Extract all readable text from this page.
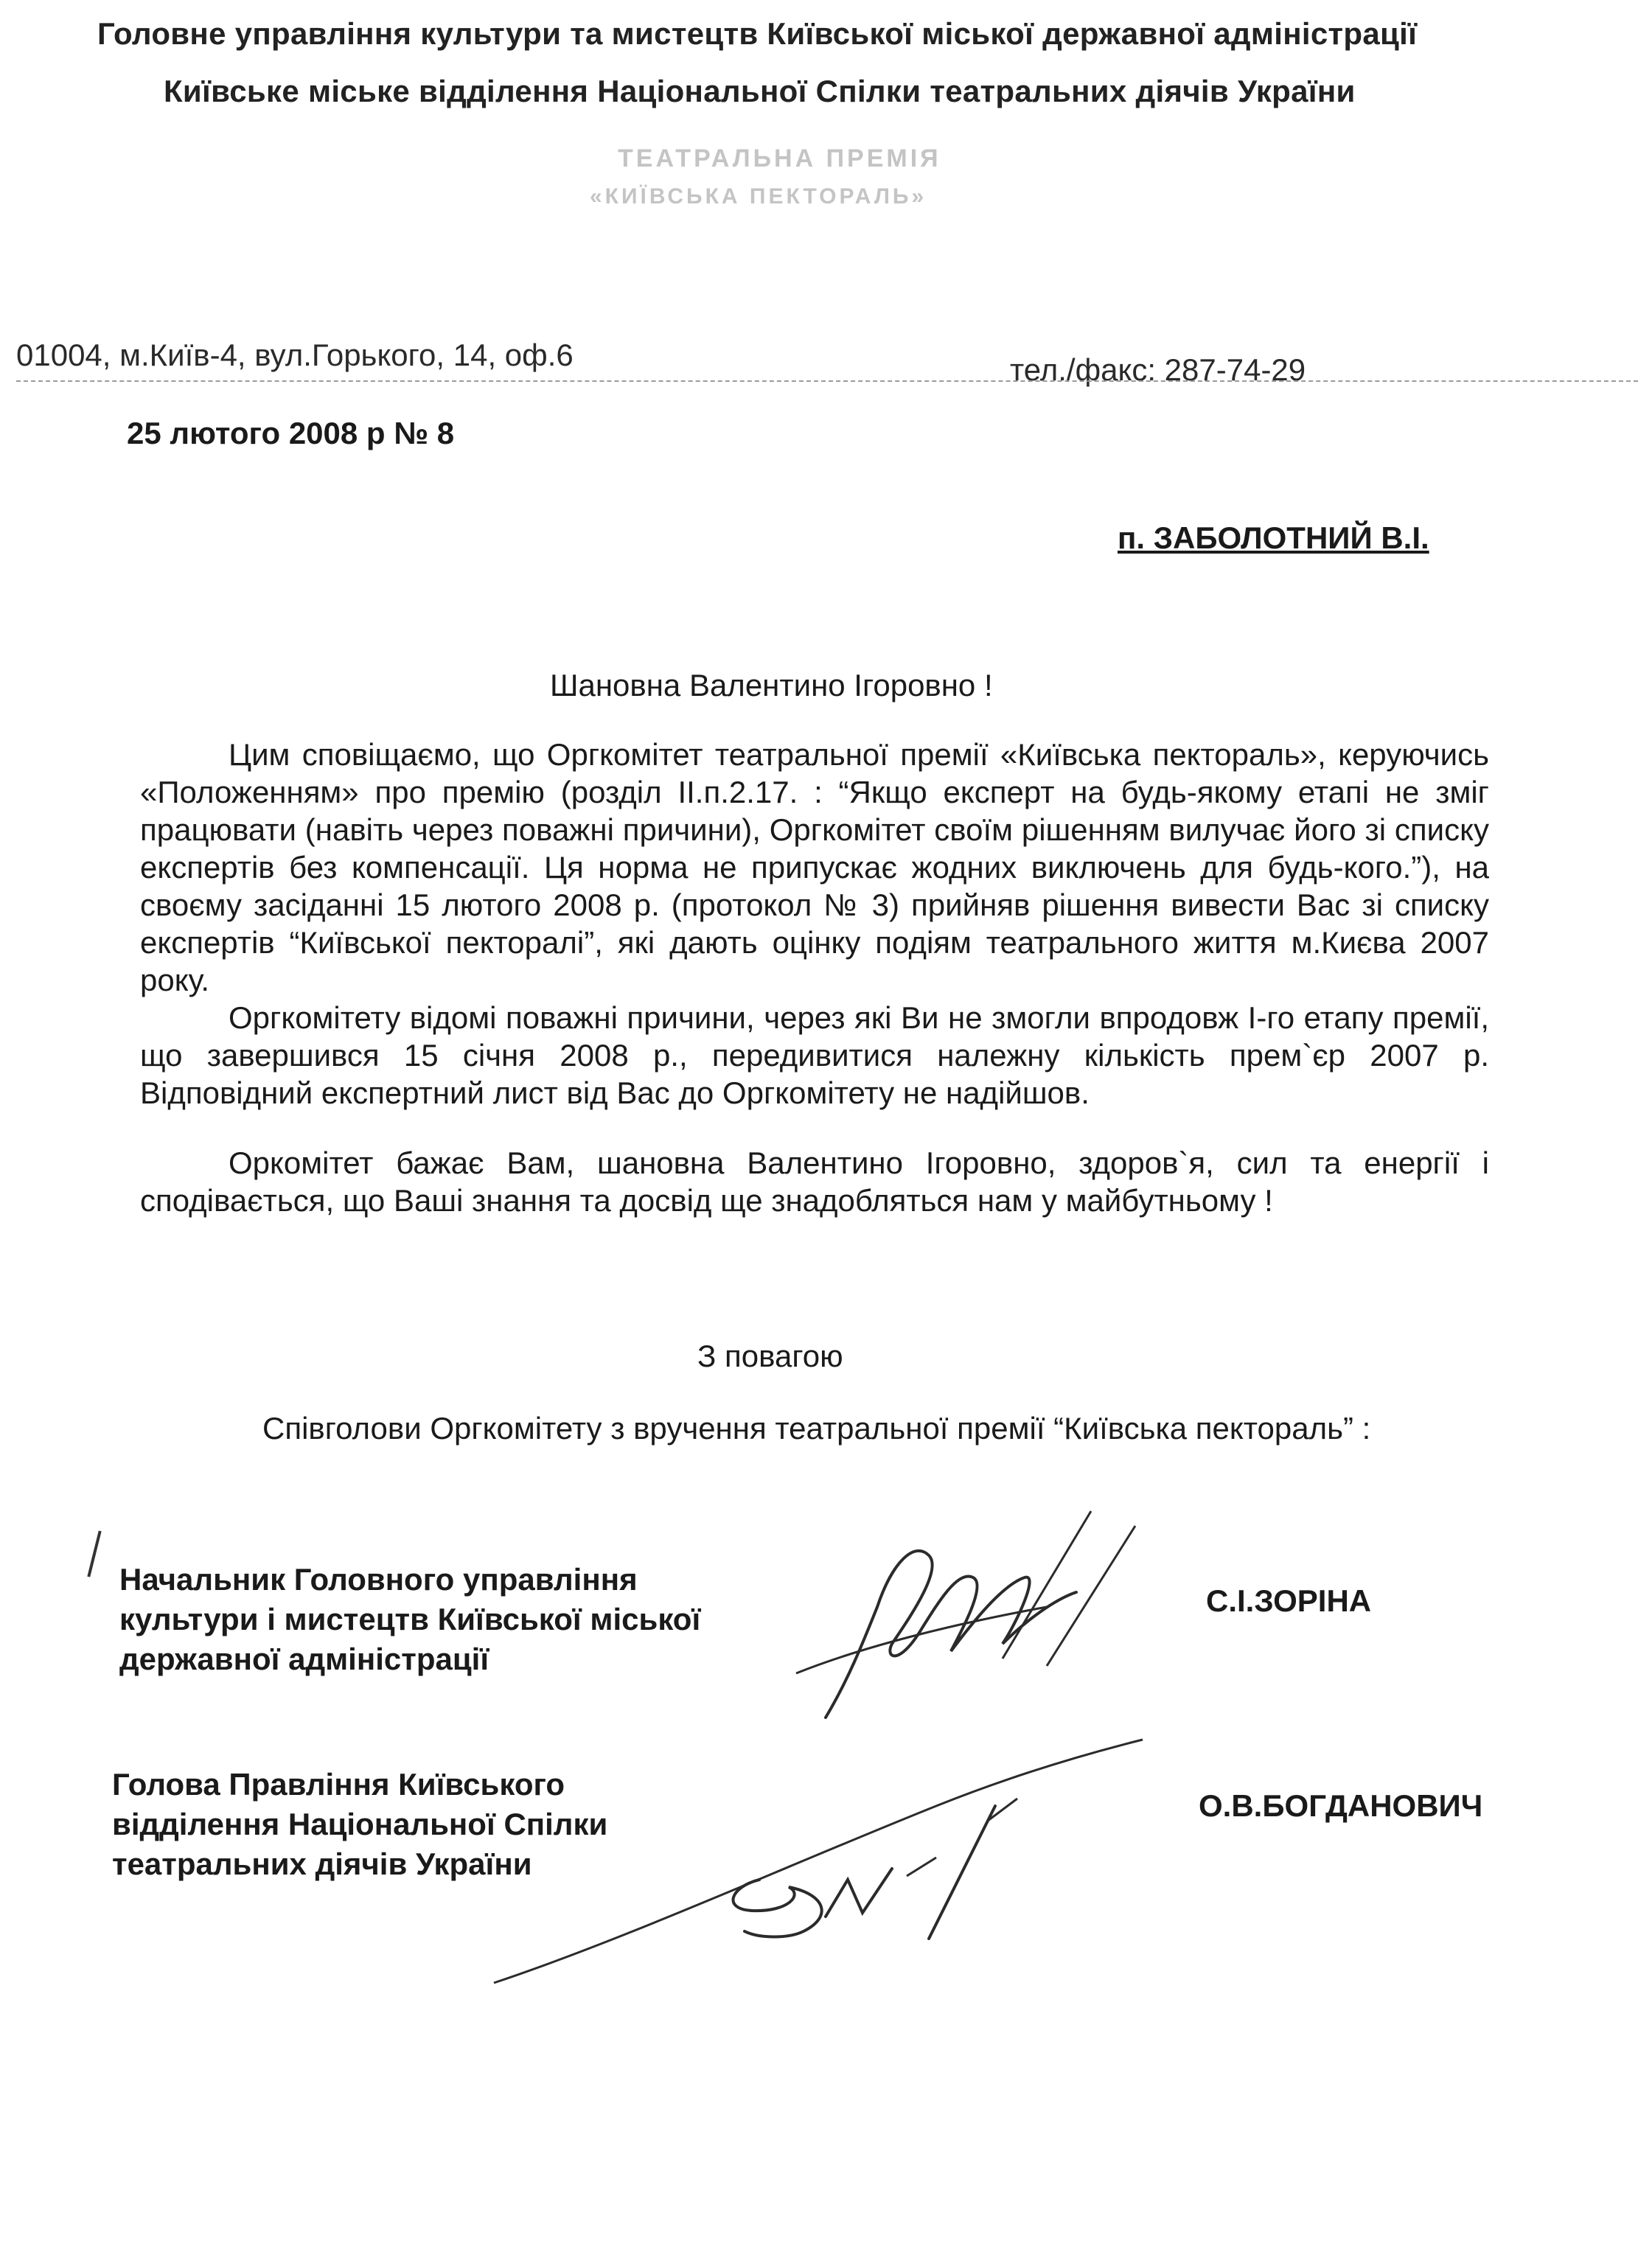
Головне управління культури та мистецтв Київської міської державної адміністрації
Київське міське відділення Національної Спілки театральних діячів України
ТЕАТРАЛЬНА ПРЕМІЯ
«КИЇВСЬКА ПЕКТОРАЛЬ»
01004, м.Київ-4, вул.Горького, 14, оф.6	тел./факс: 287-74-29
25 лютого 2008 р № 8
п. ЗАБОЛОТНИЙ В.І.
Шановна Валентино Ігоровно !

Цим сповіщаємо, що Оргкомітет театральної премії «Київська пектораль», керуючись «Положенням» про премію (розділ ІІ.п.2.17. : “Якщо експерт на будь-якому етапі не зміг працювати (навіть через поважні причини), Оргкомітет своїм рішенням вилучає його зі списку експертів без компенсації. Ця норма не припускає жодних виключень для будь-кого.”), на своєму засіданні 15 лютого 2008 р. (протокол № 3) прийняв рішення вивести Вас зі списку експертів “Київської пекторалі”, які дають оцінку подіям театрального життя м.Києва 2007 року.

Оргкомітету відомі поважні причини, через які Ви не змогли впродовж І-го етапу премії, що завершився 15 січня 2008 р., передивитися належну кількість прем`єр 2007 р. Відповідний експертний лист від Вас до Оргкомітету не надійшов.

Оркомітет бажає Вам, шановна Валентино Ігоровно, здоров`я, сил та енергії і сподівається, що Ваші знання та досвід ще знадобляться нам у майбутньому !

З повагою
Співголови Оргкомітету з вручення театральної премії “Київська пектораль” :
Начальник Головного управління культури і мистецтв Київської міської державної адміністрації
С.І.ЗОРІНА
Голова Правління Київського відділення Національної Спілки театральних діячів України
О.В.БОГДАНОВИЧ
